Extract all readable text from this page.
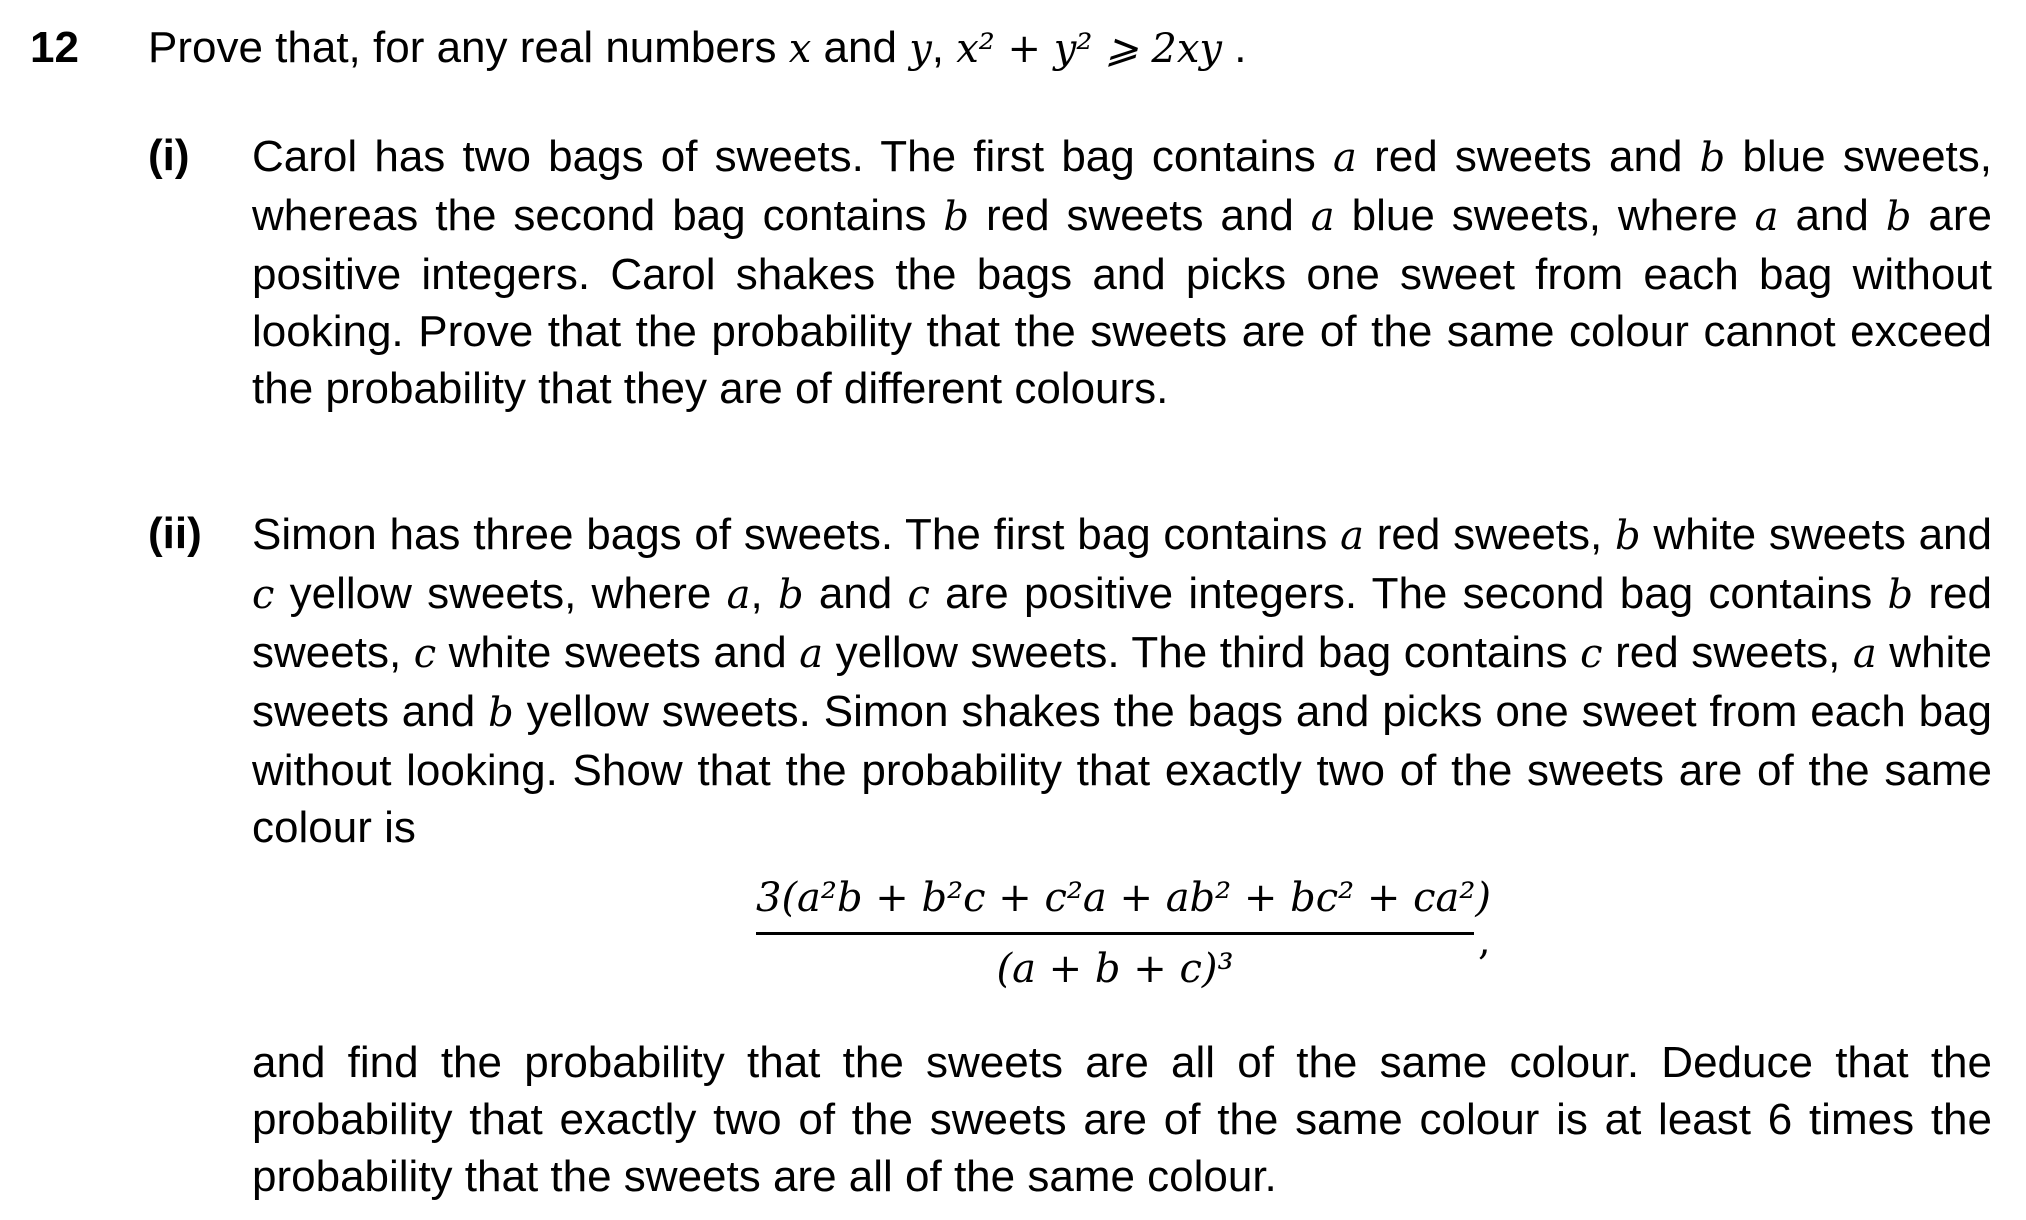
12 Prove that, for any real numbers x and y, x² + y² ⩾ 2xy .
(i) Carol has two bags of sweets. The first bag contains a red sweets and b blue sweets, whereas the second bag contains b red sweets and a blue sweets, where a and b are positive integers. Carol shakes the bags and picks one sweet from each bag without looking. Prove that the probability that the sweets are of the same colour cannot exceed the probability that they are of different colours.
(ii) Simon has three bags of sweets. The first bag contains a red sweets, b white sweets and c yellow sweets, where a, b and c are positive integers. The second bag contains b red sweets, c white sweets and a yellow sweets. The third bag contains c red sweets, a white sweets and b yellow sweets. Simon shakes the bags and picks one sweet from each bag without looking. Show that the probability that exactly two of the sweets are of the same colour is
3(a²b + b²c + c²a + ab² + bc² + ca²)
(a + b + c)³
,
and find the probability that the sweets are all of the same colour. Deduce that the probability that exactly two of the sweets are of the same colour is at least 6 times the probability that the sweets are all of the same colour.
